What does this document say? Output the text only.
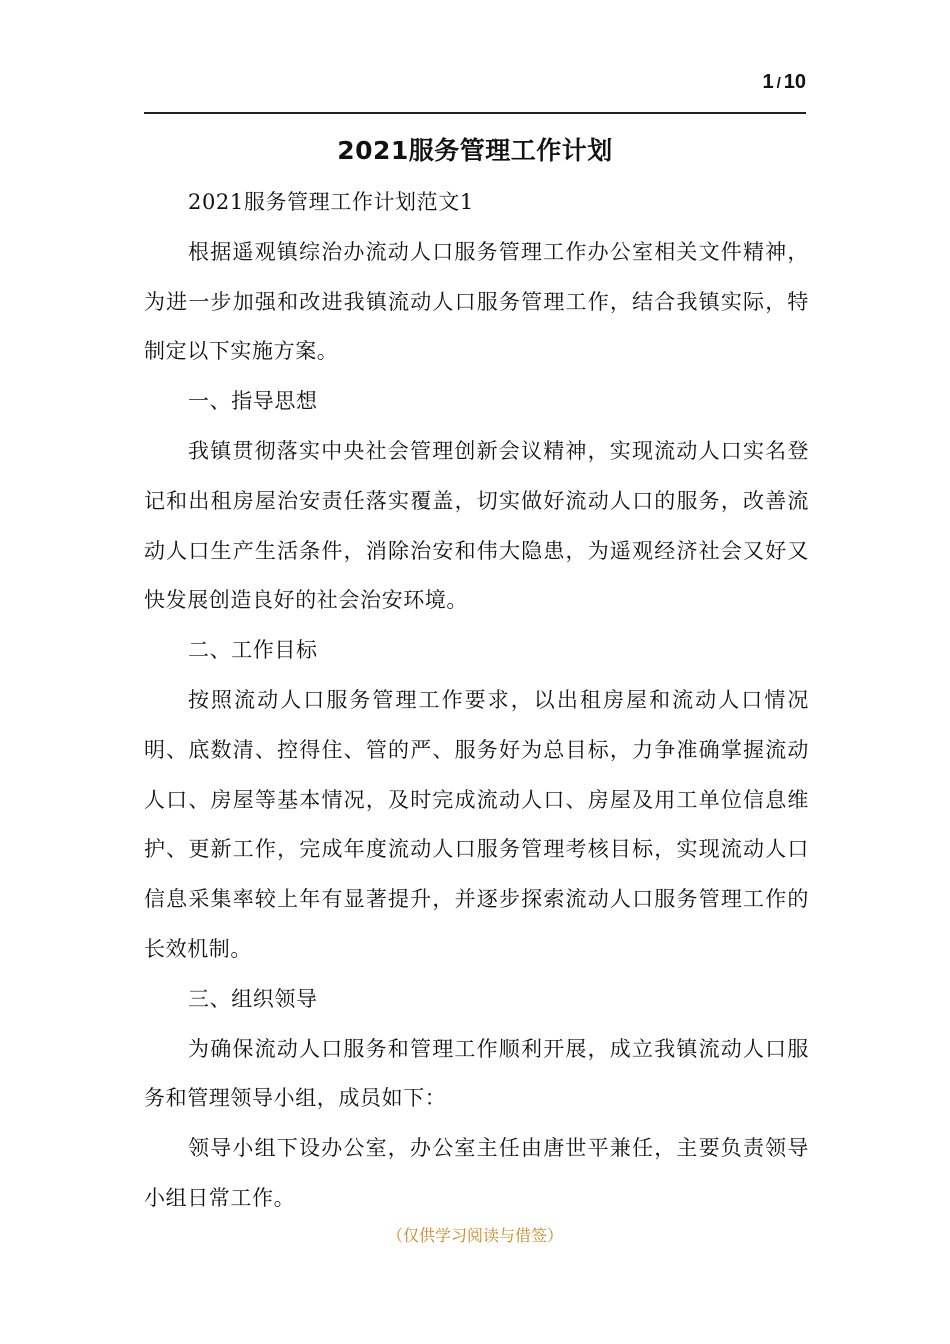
1 / 10
2021服务管理工作计划

2021服务管理工作计划范文1

根据遥观镇综治办流动人口服务管理工作办公室相关文件精神，为进一步加强和改进我镇流动人口服务管理工作，结合我镇实际，特制定以下实施方案。

一、指导思想

我镇贯彻落实中央社会管理创新会议精神，实现流动人口实名登记和出租房屋治安责任落实覆盖，切实做好流动人口的服务，改善流动人口生产生活条件，消除治安和伟大隐患，为遥观经济社会又好又快发展创造良好的社会治安环境。

二、工作目标

按照流动人口服务管理工作要求，以出租房屋和流动人口情况明、底数清、控得住、管的严、服务好为总目标，力争准确掌握流动人口、房屋等基本情况，及时完成流动人口、房屋及用工单位信息维护、更新工作，完成年度流动人口服务管理考核目标，实现流动人口信息采集率较上年有显著提升，并逐步探索流动人口服务管理工作的长效机制。

三、组织领导

为确保流动人口服务和管理工作顺利开展，成立我镇流动人口服务和管理领导小组，成员如下：

领导小组下设办公室，办公室主任由唐世平兼任，主要负责领导小组日常工作。

（仅供学习阅读与借签）
